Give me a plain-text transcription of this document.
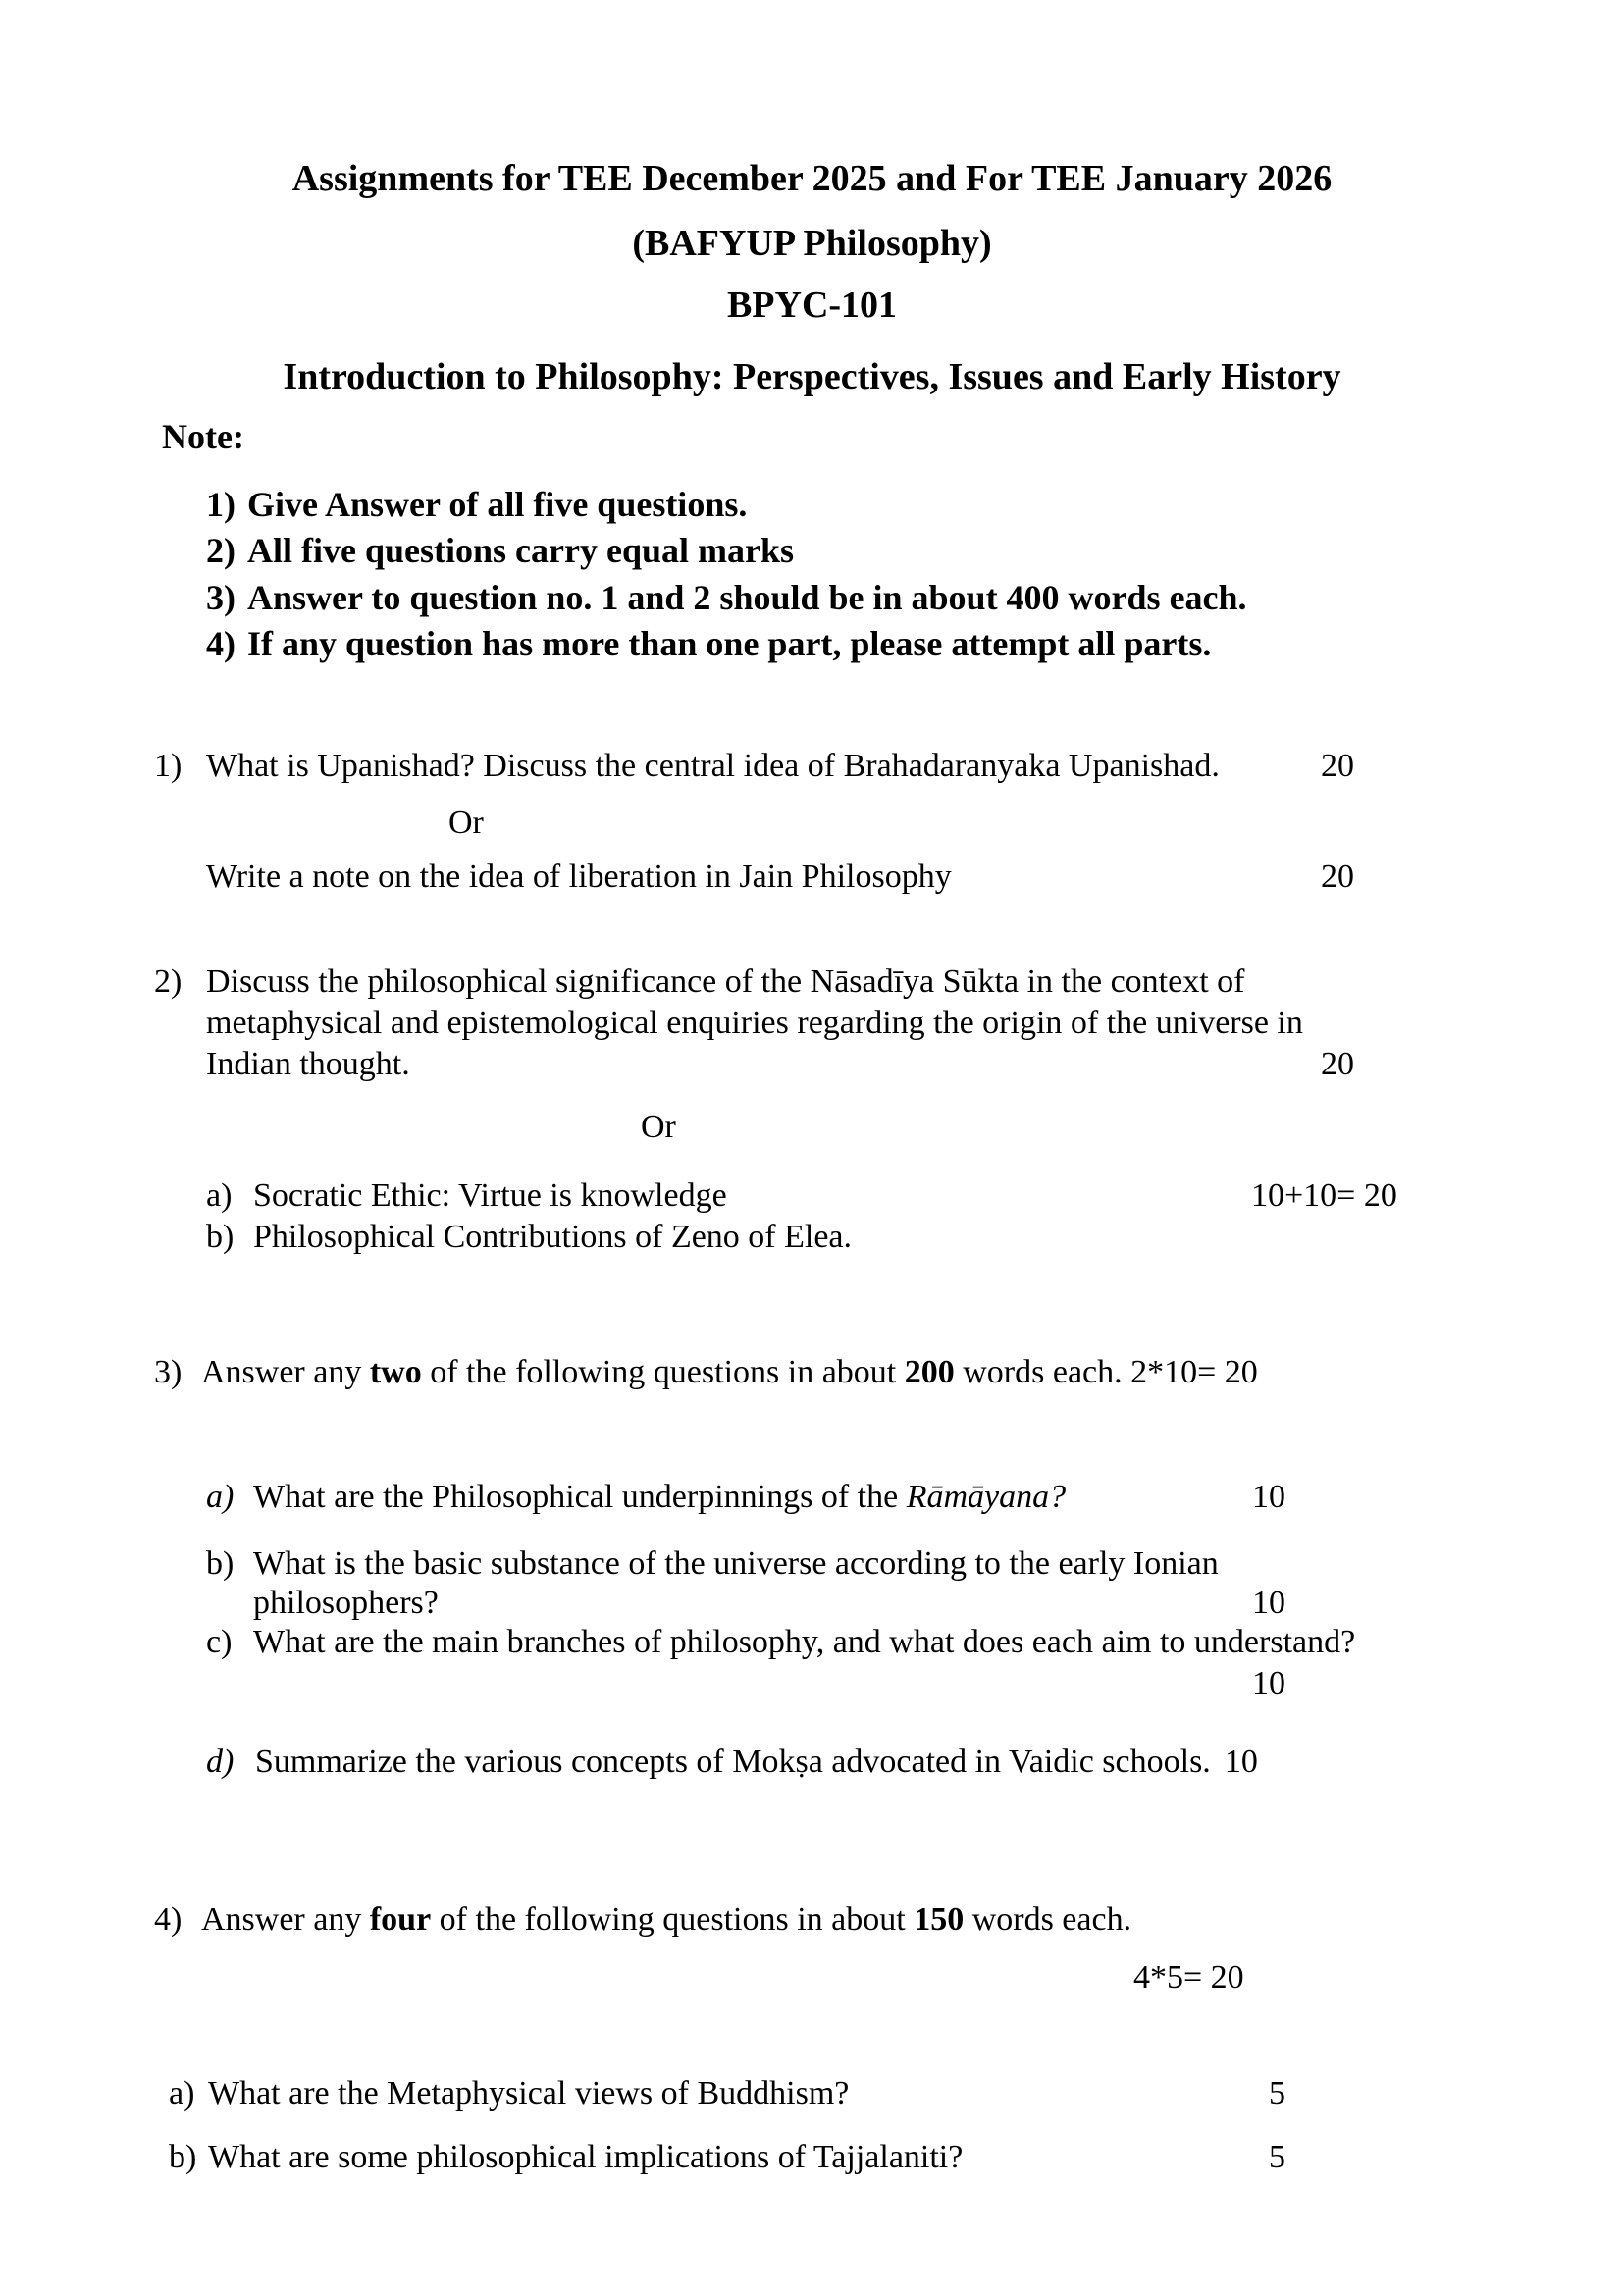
Assignments for TEE December 2025 and For TEE January 2026
(BAFYUP Philosophy)
BPYC-101
Introduction to Philosophy: Perspectives, Issues and Early History
Note:
1) Give Answer of all five questions.
2) All five questions carry equal marks
3) Answer to question no. 1 and 2 should be in about 400 words each.
4) If any question has more than one part, please attempt all parts.
1) What is Upanishad? Discuss the central idea of Brahadaranyaka Upanishad.	20
Or
Write a note on the idea of liberation in Jain Philosophy	20
2) Discuss the philosophical significance of the Nāsadīya Sūkta in the context of
metaphysical and epistemological enquiries regarding the origin of the universe in
Indian thought.	20
Or
a) Socratic Ethic: Virtue is knowledge	10+10= 20
b) Philosophical Contributions of Zeno of Elea.
3) Answer any two of the following questions in about 200 words each. 2*10= 20
a) What are the Philosophical underpinnings of the Rāmāyana?	10
b) What is the basic substance of the universe according to the early Ionian
philosophers?	10
c) What are the main branches of philosophy, and what does each aim to understand?
10
d) Summarize the various concepts of Mokṣa advocated in Vaidic schools. 10
4) Answer any four of the following questions in about 150 words each.
4*5= 20
a) What are the Metaphysical views of Buddhism?	5
b) What are some philosophical implications of Tajjalaniti?	5
